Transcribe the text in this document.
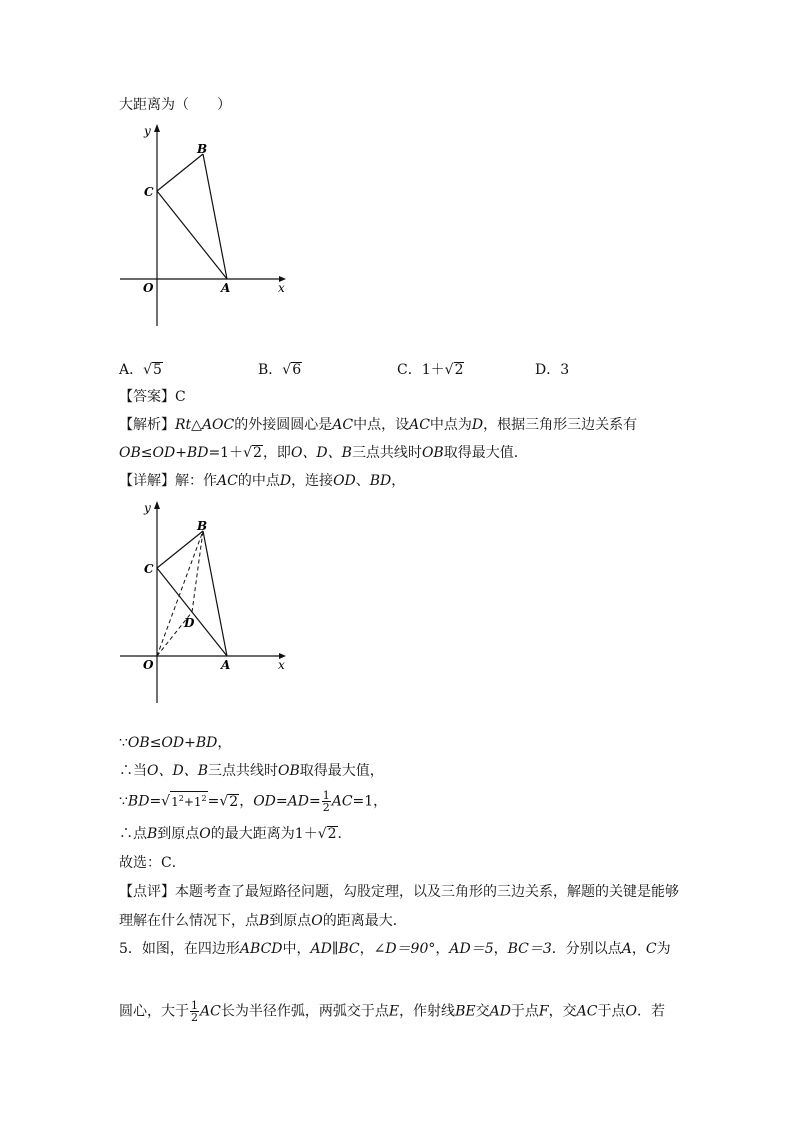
大距离为（　　）
y
x
B
C
O	A
A．√5	B．√6	C．1＋√2	D．3
【答案】C
【解析】Rt△AOC的外接圆圆心是AC中点，设AC中点为D，根据三角形三边关系有
OB≤OD+BD=1＋√2，即O、D、B三点共线时OB取得最大值．
【详解】解：作AC的中点D，连接OD、BD，
y
x
B
C
D
O	A
∵OB≤OD+BD，
∴当O、D、B三点共线时OB取得最大值，
$\because BD=√1^2+1^2=√2$，$OD=AD= \frac{1}{2} AC=1$，
∴点B到原点O的最大距离为1＋√2．
故选：C．
【点评】本题考查了最短路径问题，勾股定理，以及三角形的三边关系，解题的关键是能够
理解在什么情况下，点B到原点O的距离最大．
5．如图，在四边形ABCD中，AD∥BC，∠D＝90°，AD＝5，BC＝3．分别以点A，C为
圆心，大于 $\frac{1}{2}$ AC长为半径作弧，两弧交于点E，作射线BE交AD于点F，交AC于点O．若
